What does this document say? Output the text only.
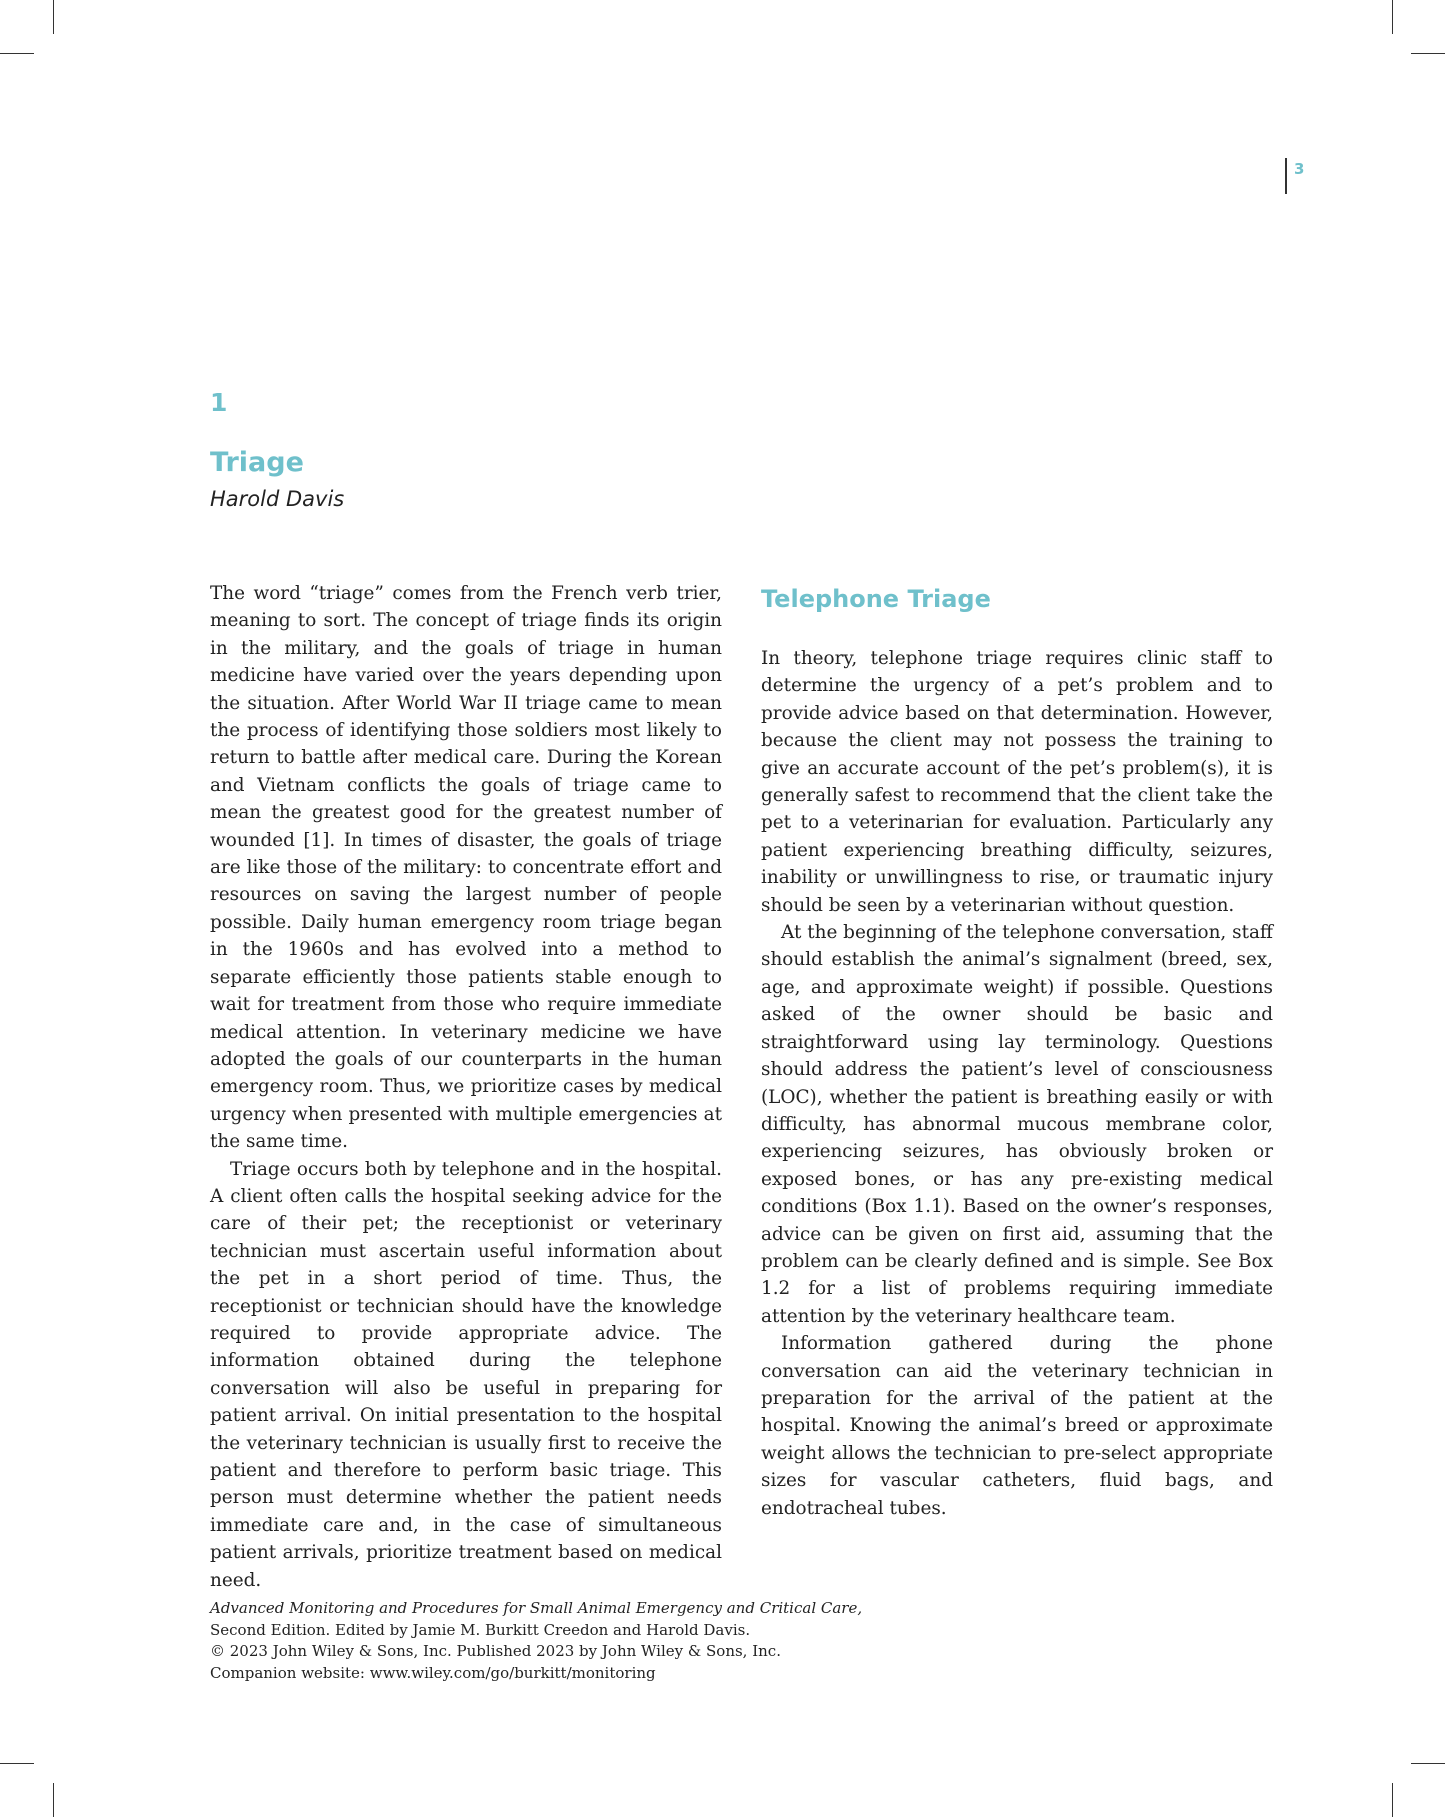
3
1
Triage
Harold Davis

The word “triage” comes from the French verb trier, meaning to sort. The concept of triage finds its origin in the military, and the goals of triage in human medicine have varied over the years depending upon the situation. After World War II triage came to mean the process of identifying those soldiers most likely to return to battle after medical care. During the Korean and Vietnam conflicts the goals of triage came to mean the greatest good for the greatest number of wounded [1]. In times of disaster, the goals of triage are like those of the military: to concentrate effort and resources on saving the largest number of people possible. Daily human emergency room triage began in the 1960s and has evolved into a method to separate efficiently those patients stable enough to wait for treatment from those who require immediate medical attention. In veterinary medicine we have adopted the goals of our counterparts in the human emergency room. Thus, we prioritize cases by medical urgency when presented with multiple emergencies at the same time.

Triage occurs both by telephone and in the hospital. A client often calls the hospital seeking advice for the care of their pet; the receptionist or veterinary technician must ascertain useful information about the pet in a short period of time. Thus, the receptionist or technician should have the knowledge required to provide appropriate advice. The information obtained during the telephone conversation will also be useful in preparing for patient arrival. On initial presentation to the hospital the veterinary technician is usually first to receive the patient and therefore to perform basic triage. This person must determine whether the patient needs immediate care and, in the case of simultaneous patient arrivals, prioritize treatment based on medical need.

Telephone Triage

In theory, telephone triage requires clinic staff to determine the urgency of a pet’s problem and to provide advice based on that determination. However, because the client may not possess the training to give an accurate account of the pet’s problem(s), it is generally safest to recommend that the client take the pet to a veterinarian for evaluation. Particularly any patient experiencing breathing difficulty, seizures, inability or unwillingness to rise, or traumatic injury should be seen by a veterinarian without question.

At the beginning of the telephone conversation, staff should establish the animal’s signalment (breed, sex, age, and approximate weight) if possible. Questions asked of the owner should be basic and straightforward using lay terminology. Questions should address the patient’s level of consciousness (LOC), whether the patient is breathing easily or with difficulty, has abnormal mucous membrane color, experiencing seizures, has obviously broken or exposed bones, or has any pre-existing medical conditions (Box 1.1). Based on the owner’s responses, advice can be given on first aid, assuming that the problem can be clearly defined and is simple. See Box 1.2 for a list of problems requiring immediate attention by the veterinary healthcare team.

Information gathered during the phone conversation can aid the veterinary technician in preparation for the arrival of the patient at the hospital. Knowing the animal’s breed or approximate weight allows the technician to pre-select appropriate sizes for vascular catheters, fluid bags, and endotracheal tubes.

Advanced Monitoring and Procedures for Small Animal Emergency and Critical Care,
Second Edition. Edited by Jamie M. Burkitt Creedon and Harold Davis.
© 2023 John Wiley & Sons, Inc. Published 2023 by John Wiley & Sons, Inc.
Companion website: www.wiley.com/go/burkitt/monitoring
